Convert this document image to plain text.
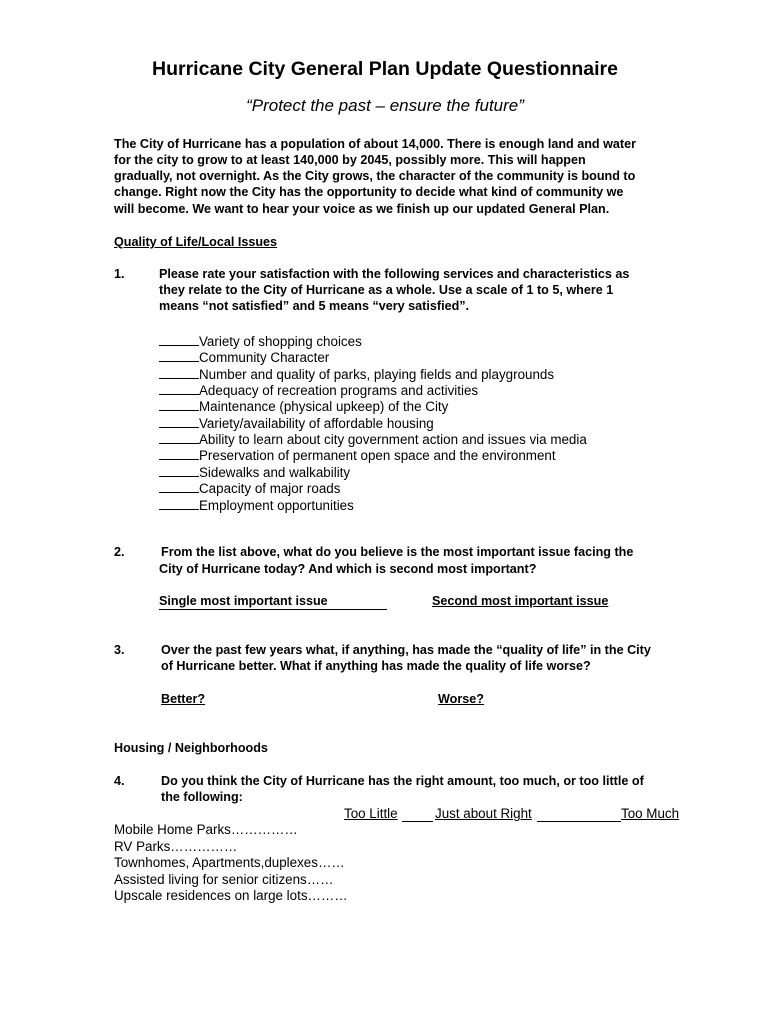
Hurricane City General Plan Update Questionnaire
“Protect the past – ensure the future”
The City of Hurricane has a population of about 14,000. There is enough land and water
for the city to grow to at least 140,000 by 2045, possibly more. This will happen
gradually, not overnight. As the City grows, the character of the community is bound to
change. Right now the City has the opportunity to decide what kind of community we
will become. We want to hear your voice as we finish up our updated General Plan.
Quality of Life/Local Issues
1.	Please rate your satisfaction with the following services and characteristics as
they relate to the City of Hurricane as a whole. Use a scale of 1 to 5, where 1
means “not satisfied” and 5 means “very satisfied”.
Variety of shopping choices
Community Character
Number and quality of parks, playing fields and playgrounds
Adequacy of recreation programs and activities
Maintenance (physical upkeep) of the City
Variety/availability of affordable housing
Ability to learn about city government action and issues via media
Preservation of permanent open space and the environment
Sidewalks and walkability
Capacity of major roads
Employment opportunities
2.	From the list above, what do you believe is the most important issue facing the
City of Hurricane today? And which is second most important?
Single most important issue	Second most important issue
3.	Over the past few years what, if anything, has made the “quality of life” in the City
of Hurricane better. What if anything has made the quality of life worse?
Better?	Worse?
Housing / Neighborhoods
4.	Do you think the City of Hurricane has the right amount, too much, or too little of
the following:
Too Little	Just about Right	Too Much
Mobile Home Parks……………
RV Parks……………
Townhomes, Apartments,duplexes……
Assisted living for senior citizens……
Upscale residences on large lots………
